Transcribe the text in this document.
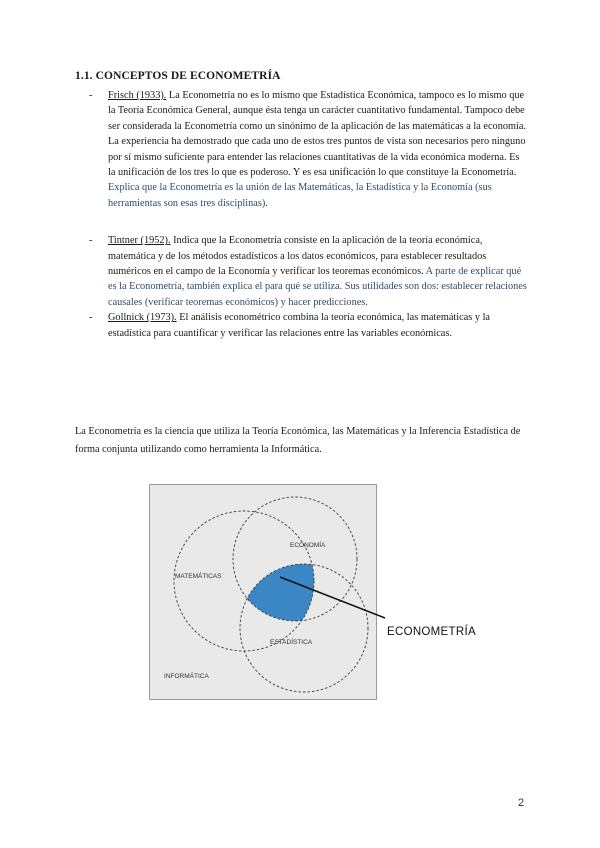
1.1. CONCEPTOS DE ECONOMETRÍA
- Frisch (1933). La Econometría no es lo mismo que Estadística Económica, tampoco es lo mismo que la Teoría Económica General, aunque ésta tenga un carácter cuantitativo fundamental. Tampoco debe ser considerada la Econometría como un sinónimo de la aplicación de las matemáticas a la economía. La experiencia ha demostrado que cada uno de estos tres puntos de vista son necesarios pero ninguno por sí mismo suficiente para entender las relaciones cuantitativas de la vida económica moderna. Es la unificación de los tres lo que es poderoso. Y es esa unificación lo que constituye la Econometría. Explica que la Econometría es la unión de las Matemáticas, la Estadística y la Economía (sus herramientas son esas tres disciplinas).
- Tintner (1952). Indica que la Econometría consiste en la aplicación de la teoría económica, matemática y de los métodos estadísticos a los datos económicos, para establecer resultados numéricos en el campo de la Economía y verificar los teoremas económicos. A parte de explicar qué es la Econometría, también explica el para qué se utiliza. Sus utilidades son dos: establecer relaciones causales (verificar teoremas económicos) y hacer predicciones.
- Gollnick (1973). El análisis econométrico combina la teoría económica, las matemáticas y la estadística para cuantificar y verificar las relaciones entre las variables económicas.

La Econometría es la ciencia que utiliza la Teoría Económica, las Matemáticas y la Inferencia Estadística de forma conjunta utilizando como herramienta la Informática.

ECONOMÍA
MATEMÁTICAS
ESTADÍSTICA
INFORMÁTICA
ECONOMETRÍA
2
